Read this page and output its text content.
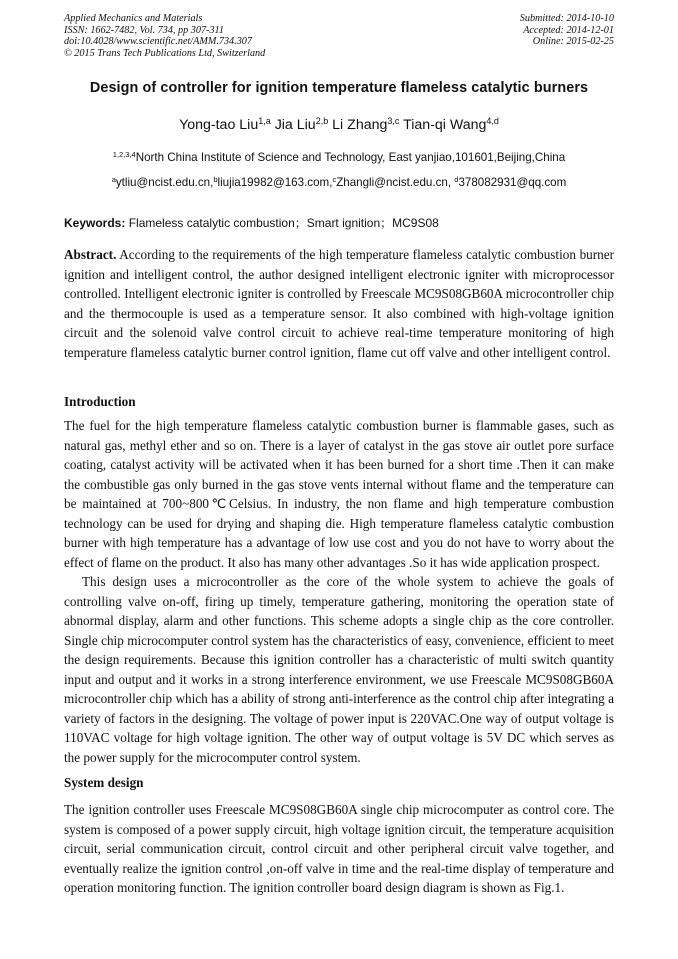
Applied Mechanics and Materials
ISSN: 1662-7482, Vol. 734, pp 307-311
doi:10.4028/www.scientific.net/AMM.734.307
© 2015 Trans Tech Publications Ltd, Switzerland
Submitted: 2014-10-10
Accepted: 2014-12-01
Online: 2015-02-25
Design of controller for ignition temperature flameless catalytic burners
Yong-tao Liu$^{1,a}$ Jia Liu$^{2,b}$ Li Zhang$^{3,c}$ Tian-qi Wang$^{4,d}$
$^{1,2,3,4}$North China Institute of Science and Technology, East yanjiao,101601,Beijing,China
$^a$ytliu@ncist.edu.cn,$^b$liujia19982@163.com,$^c$Zhangli@ncist.edu.cn, $^d$378082931@qq.com
Keywords: Flameless catalytic combustion；Smart ignition；MC9S08

Abstract. According to the requirements of the high temperature flameless catalytic combustion burner ignition and intelligent control, the author designed intelligent electronic igniter with microprocessor controlled. Intelligent electronic igniter is controlled by Freescale MC9S08GB60A microcontroller chip and the thermocouple is used as a temperature sensor. It also combined with high-voltage ignition circuit and the solenoid valve control circuit to achieve real-time temperature monitoring of high temperature flameless catalytic burner control ignition, flame cut off valve and other intelligent control.

Introduction

The fuel for the high temperature flameless catalytic combustion burner is flammable gases, such as natural gas, methyl ether and so on. There is a layer of catalyst in the gas stove air outlet pore surface coating, catalyst activity will be activated when it has been burned for a short time .Then it can make the combustible gas only burned in the gas stove vents internal without flame and the temperature can be maintained at 700~800℃Celsius. In industry, the non flame and high temperature combustion technology can be used for drying and shaping die. High temperature flameless catalytic combustion burner with high temperature has a advantage of low use cost and you do not have to worry about the effect of flame on the product. It also has many other advantages .So it has wide application prospect.

This design uses a microcontroller as the core of the whole system to achieve the goals of controlling valve on-off, firing up timely, temperature gathering, monitoring the operation state of abnormal display, alarm and other functions. This scheme adopts a single chip as the core controller. Single chip microcomputer control system has the characteristics of easy, convenience, efficient to meet the design requirements. Because this ignition controller has a characteristic of multi switch quantity input and output and it works in a strong interference environment, we use Freescale MC9S08GB60A microcontroller chip which has a ability of strong anti-interference as the control chip after integrating a variety of factors in the designing. The voltage of power input is 220VAC.One way of output voltage is 110VAC voltage for high voltage ignition. The other way of output voltage is 5V DC which serves as the power supply for the microcomputer control system.

System design

The ignition controller uses Freescale MC9S08GB60A single chip microcomputer as control core. The system is composed of a power supply circuit, high voltage ignition circuit, the temperature acquisition circuit, serial communication circuit, control circuit and other peripheral circuit valve together, and eventually realize the ignition control ,on-off valve in time and the real-time display of temperature and operation monitoring function. The ignition controller board design diagram is shown as Fig.1.
